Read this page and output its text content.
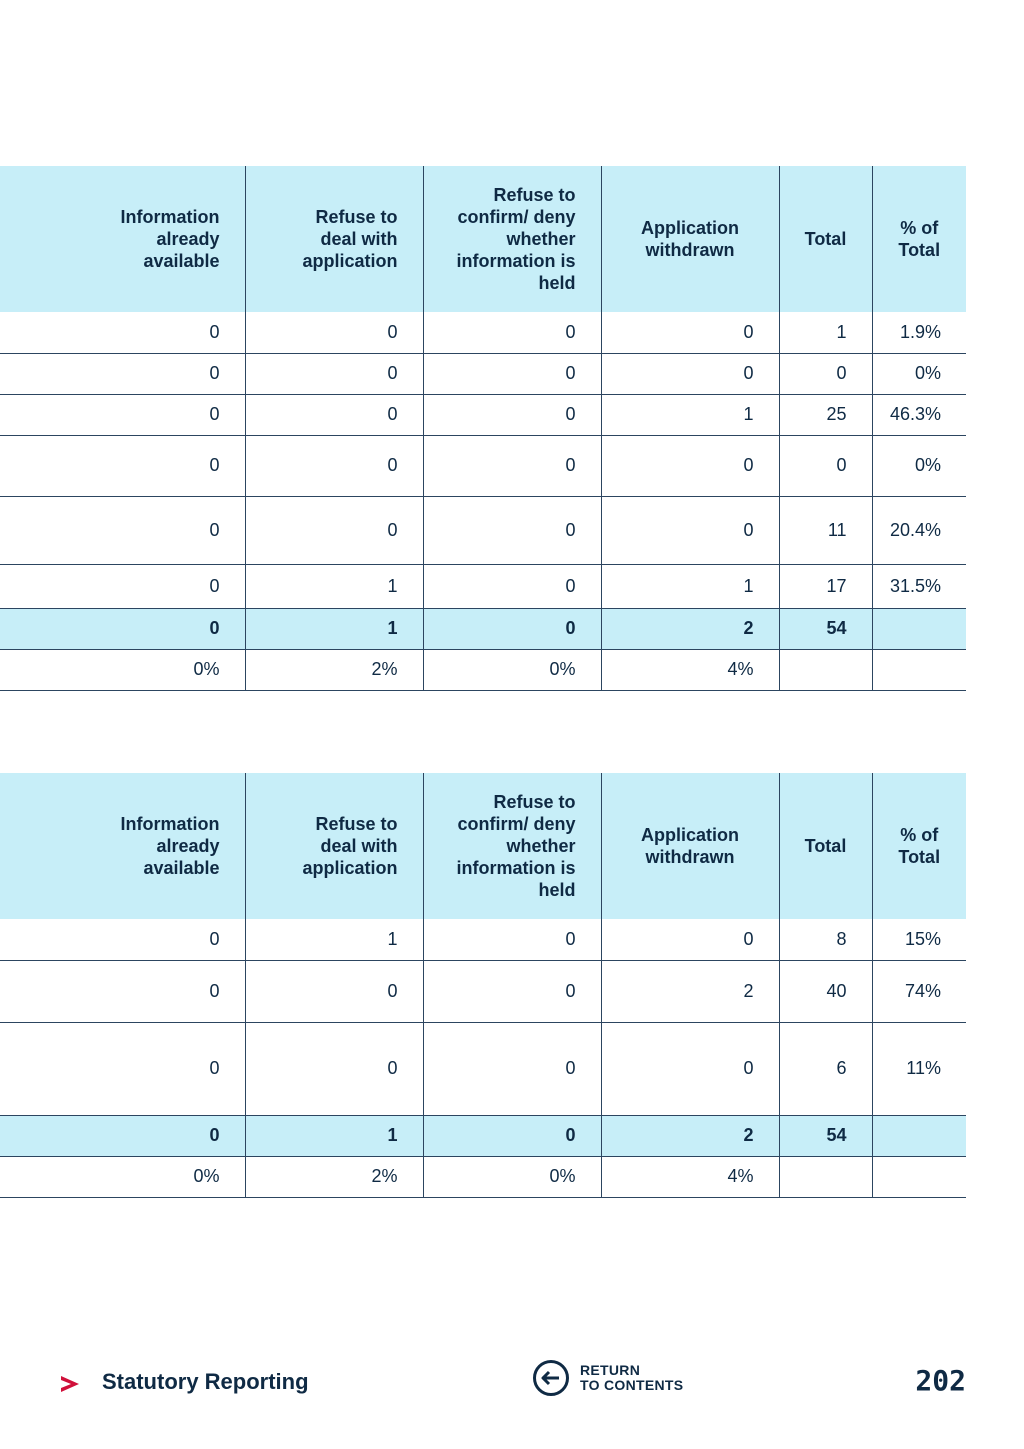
Information already available	Refuse to deal with application	Refuse to confirm/ deny whether information is held	Application withdrawn	Total	% of Total
0	0	0	0	1	1.9%
0	0	0	0	0	0%
0	0	0	1	25	46.3%
0	0	0	0	0	0%
0	0	0	0	11	20.4%
0	1	0	1	17	31.5%
0	1	0	2	54	
0%	2%	0%	4%		
Information already available	Refuse to deal with application	Refuse to confirm/ deny whether information is held	Application withdrawn	Total	% of Total
0	1	0	0	8	15%
0	0	0	2	40	74%
0	0	0	0	6	11%
0	1	0	2	54	
0%	2%	0%	4%		
Statutory Reporting	RETURN
TO CONTENTS	202
